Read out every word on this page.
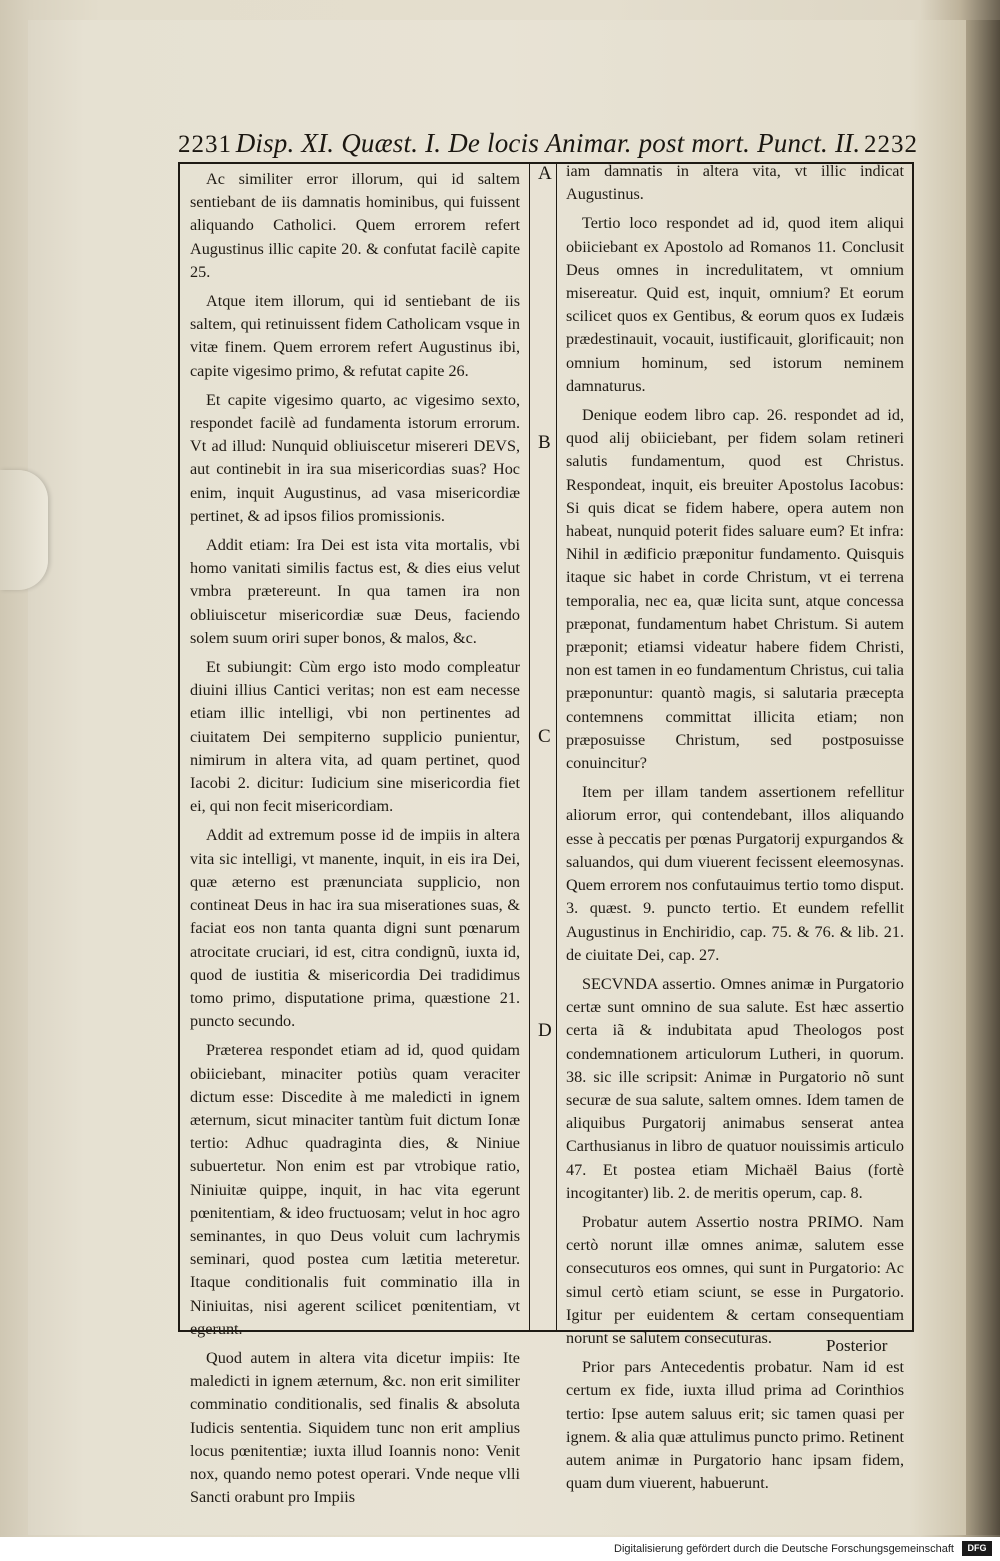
2231 Disp. XI. Quæst. I. De locis Animar. post mort. Punct. II. 2232
A
B
C
D

Ac similiter error illorum, qui id saltem sentiebant de iis damnatis hominibus, qui fuissent aliquando Catholici. Quem errorem refert Augustinus illic capite 20. & confutat facilè capite 25.

Atque item illorum, qui id sentiebant de iis saltem, qui retinuissent fidem Catholicam vsque in vitæ finem. Quem errorem refert Augustinus ibi, capite vigesimo primo, & refutat capite 26.

Et capite vigesimo quarto, ac vigesimo sexto, respondet facilè ad fundamenta istorum errorum. Vt ad illud: Nunquid obliuiscetur misereri DEVS, aut continebit in ira sua misericordias suas? Hoc enim, inquit Augustinus, ad vasa misericordiæ pertinet, & ad ipsos filios promissionis.

Addit etiam: Ira Dei est ista vita mortalis, vbi homo vanitati similis factus est, & dies eius velut vmbra prætereunt. In qua tamen ira non obliuiscetur misericordiæ suæ Deus, faciendo solem suum oriri super bonos, & malos, &c.

Et subiungit: Cùm ergo isto modo compleatur diuini illius Cantici veritas; non est eam necesse etiam illic intelligi, vbi non pertinentes ad ciuitatem Dei sempiterno supplicio punientur, nimirum in altera vita, ad quam pertinet, quod Iacobi 2. dicitur: Iudicium sine misericordia fiet ei, qui non fecit misericordiam.

Addit ad extremum posse id de impiis in altera vita sic intelligi, vt manente, inquit, in eis ira Dei, quæ æterno est prænunciata supplicio, non contineat Deus in hac ira sua miserationes suas, & faciat eos non tanta quanta digni sunt pœnarum atrocitate cruciari, id est, citra condignũ, iuxta id, quod de iustitia & misericordia Dei tradidimus tomo primo, disputatione prima, quæstione 21. puncto secundo.

Præterea respondet etiam ad id, quod quidam obiiciebant, minaciter potiùs quam veraciter dictum esse: Discedite à me maledicti in ignem æternum, sicut minaciter tantùm fuit dictum Ionæ tertio: Adhuc quadraginta dies, & Niniue subuertetur. Non enim est par vtrobique ratio, Niniuitæ quippe, inquit, in hac vita egerunt pœnitentiam, & ideo fructuosam; velut in hoc agro seminantes, in quo Deus voluit cum lachrymis seminari, quod postea cum lætitia meteretur. Itaque conditionalis fuit comminatio illa in Niniuitas, nisi agerent scilicet pœnitentiam, vt egerunt.

Quod autem in altera vita dicetur impiis: Ite maledicti in ignem æternum, &c. non erit similiter comminatio conditionalis, sed finalis & absoluta Iudicis sententia. Siquidem tunc non erit amplius locus pœnitentiæ; iuxta illud Ioannis nono: Venit nox, quando nemo potest operari. Vnde neque vlli Sancti orabunt pro Impiis

iam damnatis in altera vita, vt illic indicat Augustinus.

Tertio loco respondet ad id, quod item aliqui obiiciebant ex Apostolo ad Romanos 11. Conclusit Deus omnes in incredulitatem, vt omnium misereatur. Quid est, inquit, omnium? Et eorum scilicet quos ex Gentibus, & eorum quos ex Iudæis prædestinauit, vocauit, iustificauit, glorificauit; non omnium hominum, sed istorum neminem damnaturus.

Denique eodem libro cap. 26. respondet ad id, quod alij obiiciebant, per fidem solam retineri salutis fundamentum, quod est Christus. Respondeat, inquit, eis breuiter Apostolus Iacobus: Si quis dicat se fidem habere, opera autem non habeat, nunquid poterit fides saluare eum? Et infra: Nihil in ædificio præponitur fundamento. Quisquis itaque sic habet in corde Christum, vt ei terrena temporalia, nec ea, quæ licita sunt, atque concessa præponat, fundamentum habet Christum. Si autem præponit; etiamsi videatur habere fidem Christi, non est tamen in eo fundamentum Christus, cui talia præponuntur: quantò magis, si salutaria præcepta contemnens committat illicita etiam; non præposuisse Christum, sed postposuisse conuincitur?

Item per illam tandem assertionem refellitur aliorum error, qui contendebant, illos aliquando esse à peccatis per pœnas Purgatorij expurgandos & saluandos, qui dum viuerent fecissent eleemosynas. Quem errorem nos confutauimus tertio tomo disput. 3. quæst. 9. puncto tertio. Et eundem refellit Augustinus in Enchiridio, cap. 75. & 76. & lib. 21. de ciuitate Dei, cap. 27.

SECVNDA assertio. Omnes animæ in Purgatorio certæ sunt omnino de sua salute. Est hæc assertio certa iã & indubitata apud Theologos post condemnationem articulorum Lutheri, in quorum. 38. sic ille scripsit: Animæ in Purgatorio nõ sunt securæ de sua salute, saltem omnes. Idem tamen de aliquibus Purgatorij animabus senserat antea Carthusianus in libro de quatuor nouissimis articulo 47. Et postea etiam Michaël Baius (fortè incogitanter) lib. 2. de meritis operum, cap. 8.

Probatur autem Assertio nostra PRIMO. Nam certò norunt illæ omnes animæ, salutem esse consecuturos eos omnes, qui sunt in Purgatorio: Ac simul certò etiam sciunt, se esse in Purgatorio. Igitur per euidentem & certam consequentiam norunt se salutem consecuturas.

Prior pars Antecedentis probatur. Nam id est certum ex fide, iuxta illud prima ad Corinthios tertio: Ipse autem saluus erit; sic tamen quasi per ignem. & alia quæ attulimus puncto primo. Retinent autem animæ in Purgatorio hanc ipsam fidem, quam dum viuerent, habuerunt.

Posterior
Digitalisierung gefördert durch die Deutsche Forschungsgemeinschaft	DFG
